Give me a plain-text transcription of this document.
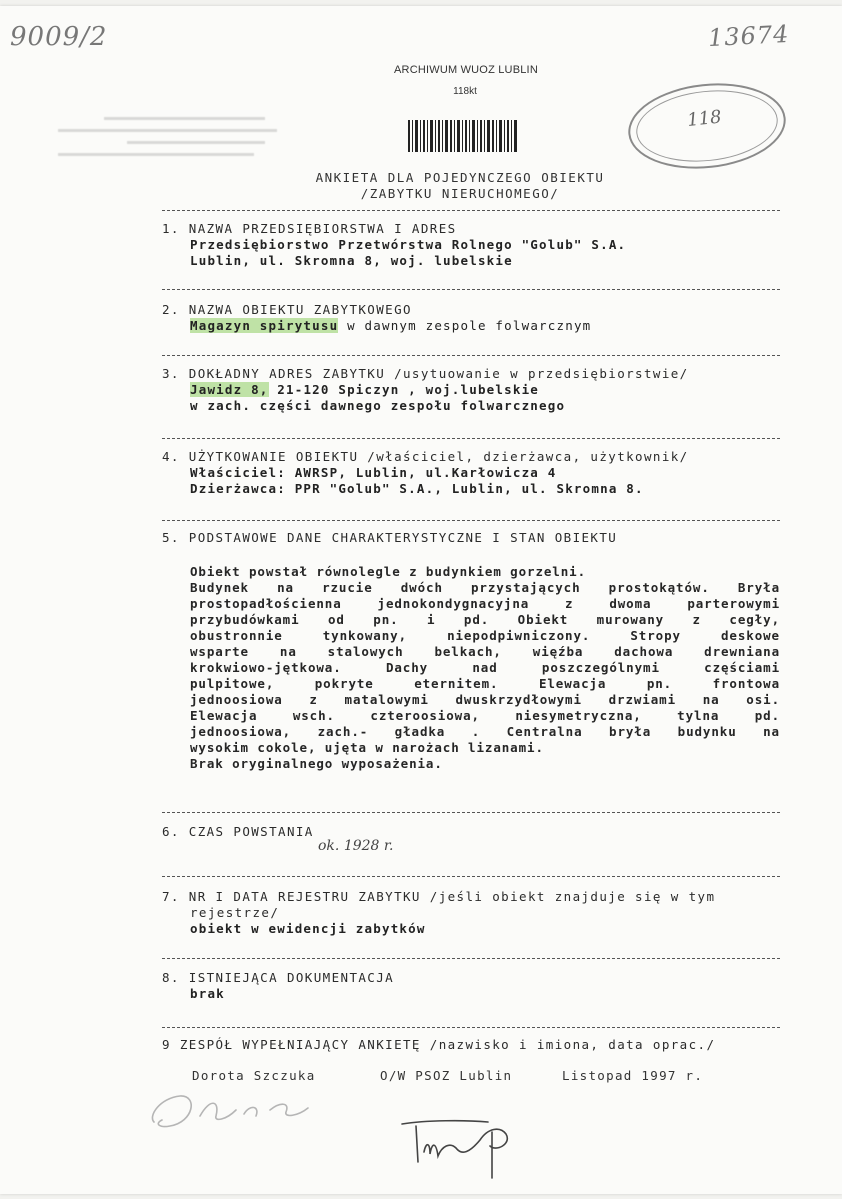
9009/2	13674
ARCHIWUM WUOZ LUBLIN
118kt
118
ANKIETA DLA POJEDYNCZEGO OBIEKTU
/ZABYTKU NIERUCHOMEGO/
1. NAZWA PRZEDSIĘBIORSTWA I ADRES
Przedsiębiorstwo Przetwórstwa Rolnego "Golub" S.A.
Lublin, ul. Skromna 8, woj. lubelskie
2. NAZWA OBIEKTU ZABYTKOWEGO
Magazyn spirytusu w dawnym zespole folwarcznym
3. DOKŁADNY ADRES ZABYTKU /usytuowanie w przedsiębiorstwie/
Jawidz 8, 21-120 Spiczyn , woj.lubelskie
w zach. części dawnego zespołu folwarcznego
4. UŻYTKOWANIE OBIEKTU /właściciel, dzierżawca, użytkownik/
Właściciel: AWRSP, Lublin, ul.Karłowicza 4
Dzierżawca: PPR "Golub" S.A., Lublin, ul. Skromna 8.
5. PODSTAWOWE DANE CHARAKTERYSTYCZNE I STAN OBIEKTU
Obiekt powstał równolegle z budynkiem gorzelni.
Budynek na rzucie dwóch przystających prostokątów. Bryła
prostopadłościenna jednokondygnacyjna z dwoma parterowymi
przybudówkami od pn. i pd. Obiekt murowany z cegły,
obustronnie tynkowany, niepodpiwniczony. Stropy deskowe
wsparte na stalowych belkach, więźba dachowa drewniana
krokwiowo-jętkowa. Dachy nad poszczególnymi częściami
pulpitowe, pokryte eternitem. Elewacja pn. frontowa
jednoosiowa z matalowymi dwuskrzydłowymi drzwiami na osi.
Elewacja wsch. czteroosiowa, niesymetryczna, tylna pd.
jednoosiowa, zach.- gładka . Centralna bryła budynku na
wysokim cokole, ujęta w narożach lizanami.
Brak oryginalnego wyposażenia.
6. CZAS POWSTANIA
ok. 1928 r.
7. NR I DATA REJESTRU ZABYTKU /jeśli obiekt znajduje się w tym
rejestrze/
obiekt w ewidencji zabytków
8. ISTNIEJĄCA DOKUMENTACJA
brak
9 ZESPÓŁ WYPEŁNIAJĄCY ANKIETĘ /nazwisko i imiona, data oprac./
Dorota Szczuka	O/W PSOZ Lublin	Listopad 1997 r.
